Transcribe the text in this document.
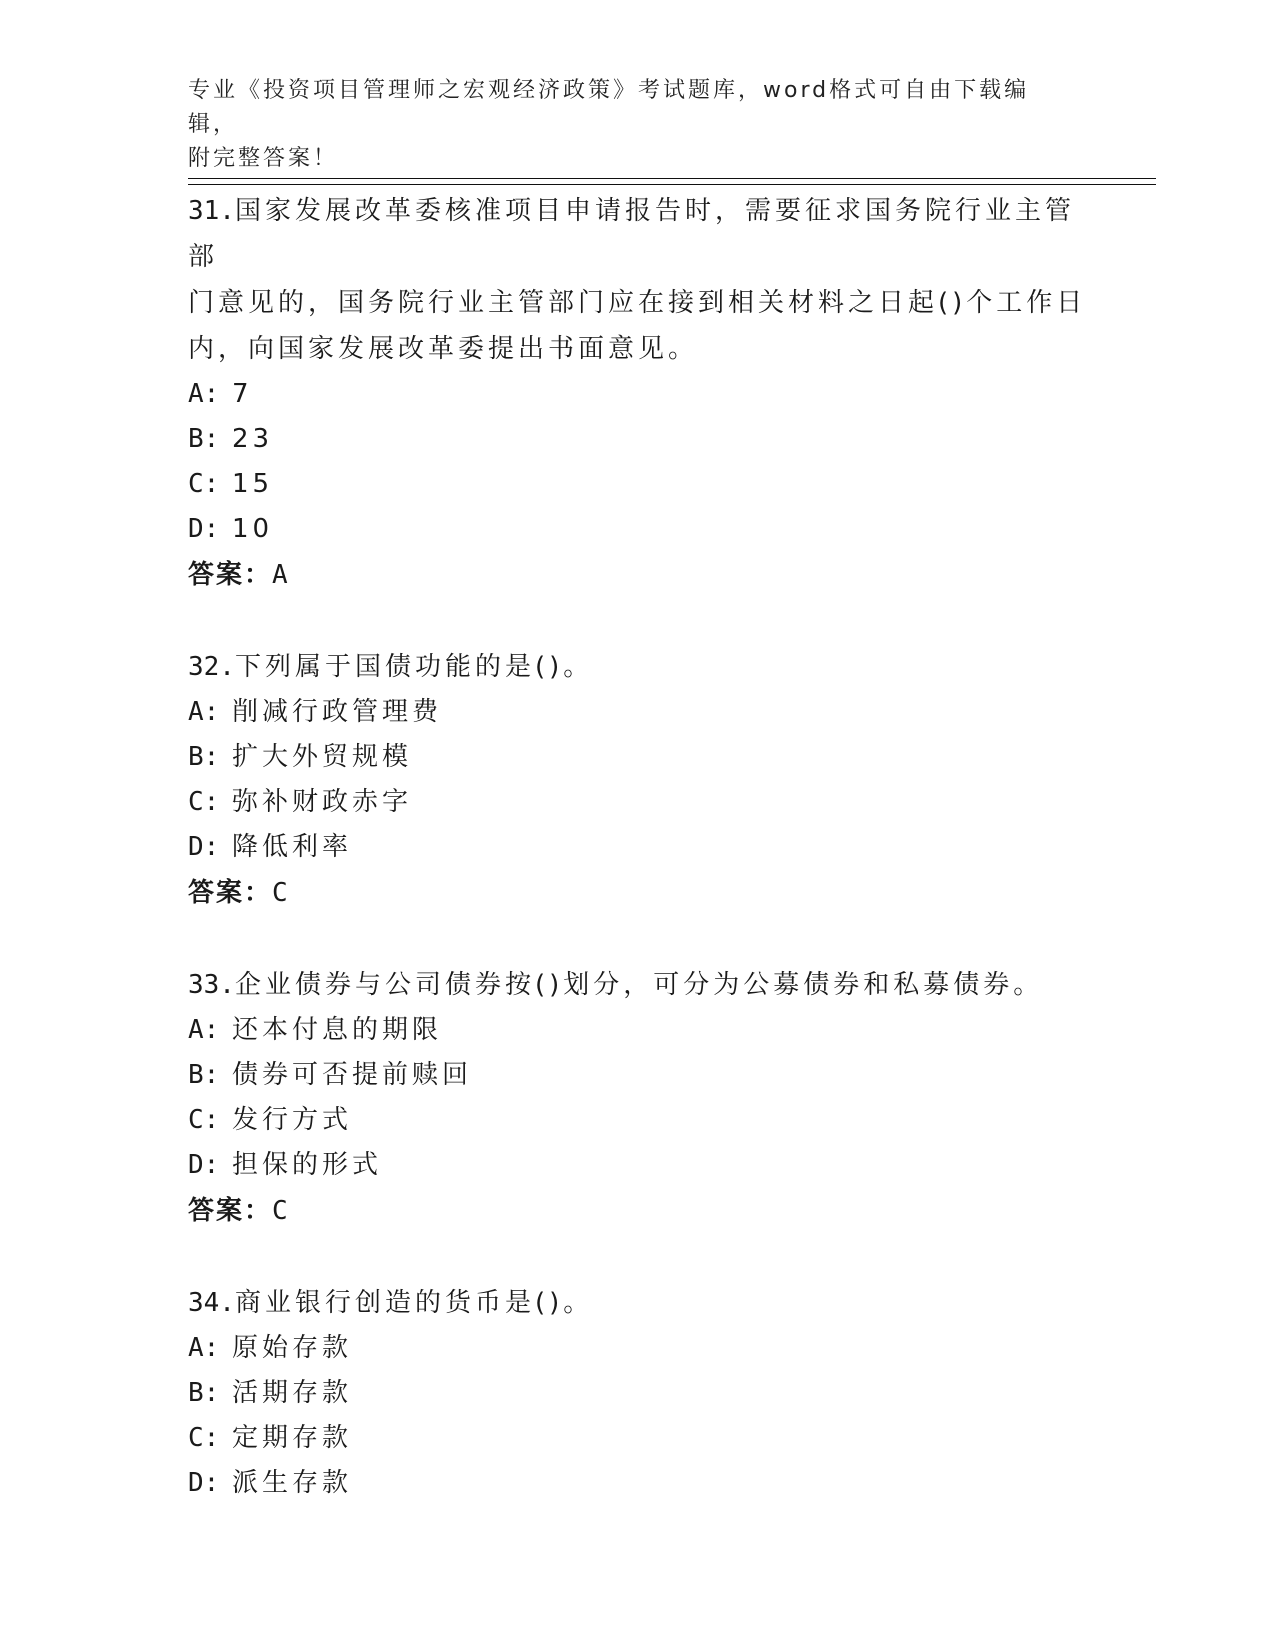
专业《投资项目管理师之宏观经济政策》考试题库，word格式可自由下载编辑，
附完整答案！

31.国家发展改革委核准项目申请报告时，需要征求国务院行业主管部

门意见的，国务院行业主管部门应在接到相关材料之日起()个工作日

内，向国家发展改革委提出书面意见。

A: 7

B: 23

C: 15

D: 10

答案：A

32.下列属于国债功能的是()。

A: 削减行政管理费

B: 扩大外贸规模

C: 弥补财政赤字

D: 降低利率

答案：C

33.企业债券与公司债券按()划分，可分为公募债券和私募债券。

A: 还本付息的期限

B: 债券可否提前赎回

C: 发行方式

D: 担保的形式

答案：C

34.商业银行创造的货币是()。

A: 原始存款

B: 活期存款

C: 定期存款

D: 派生存款
